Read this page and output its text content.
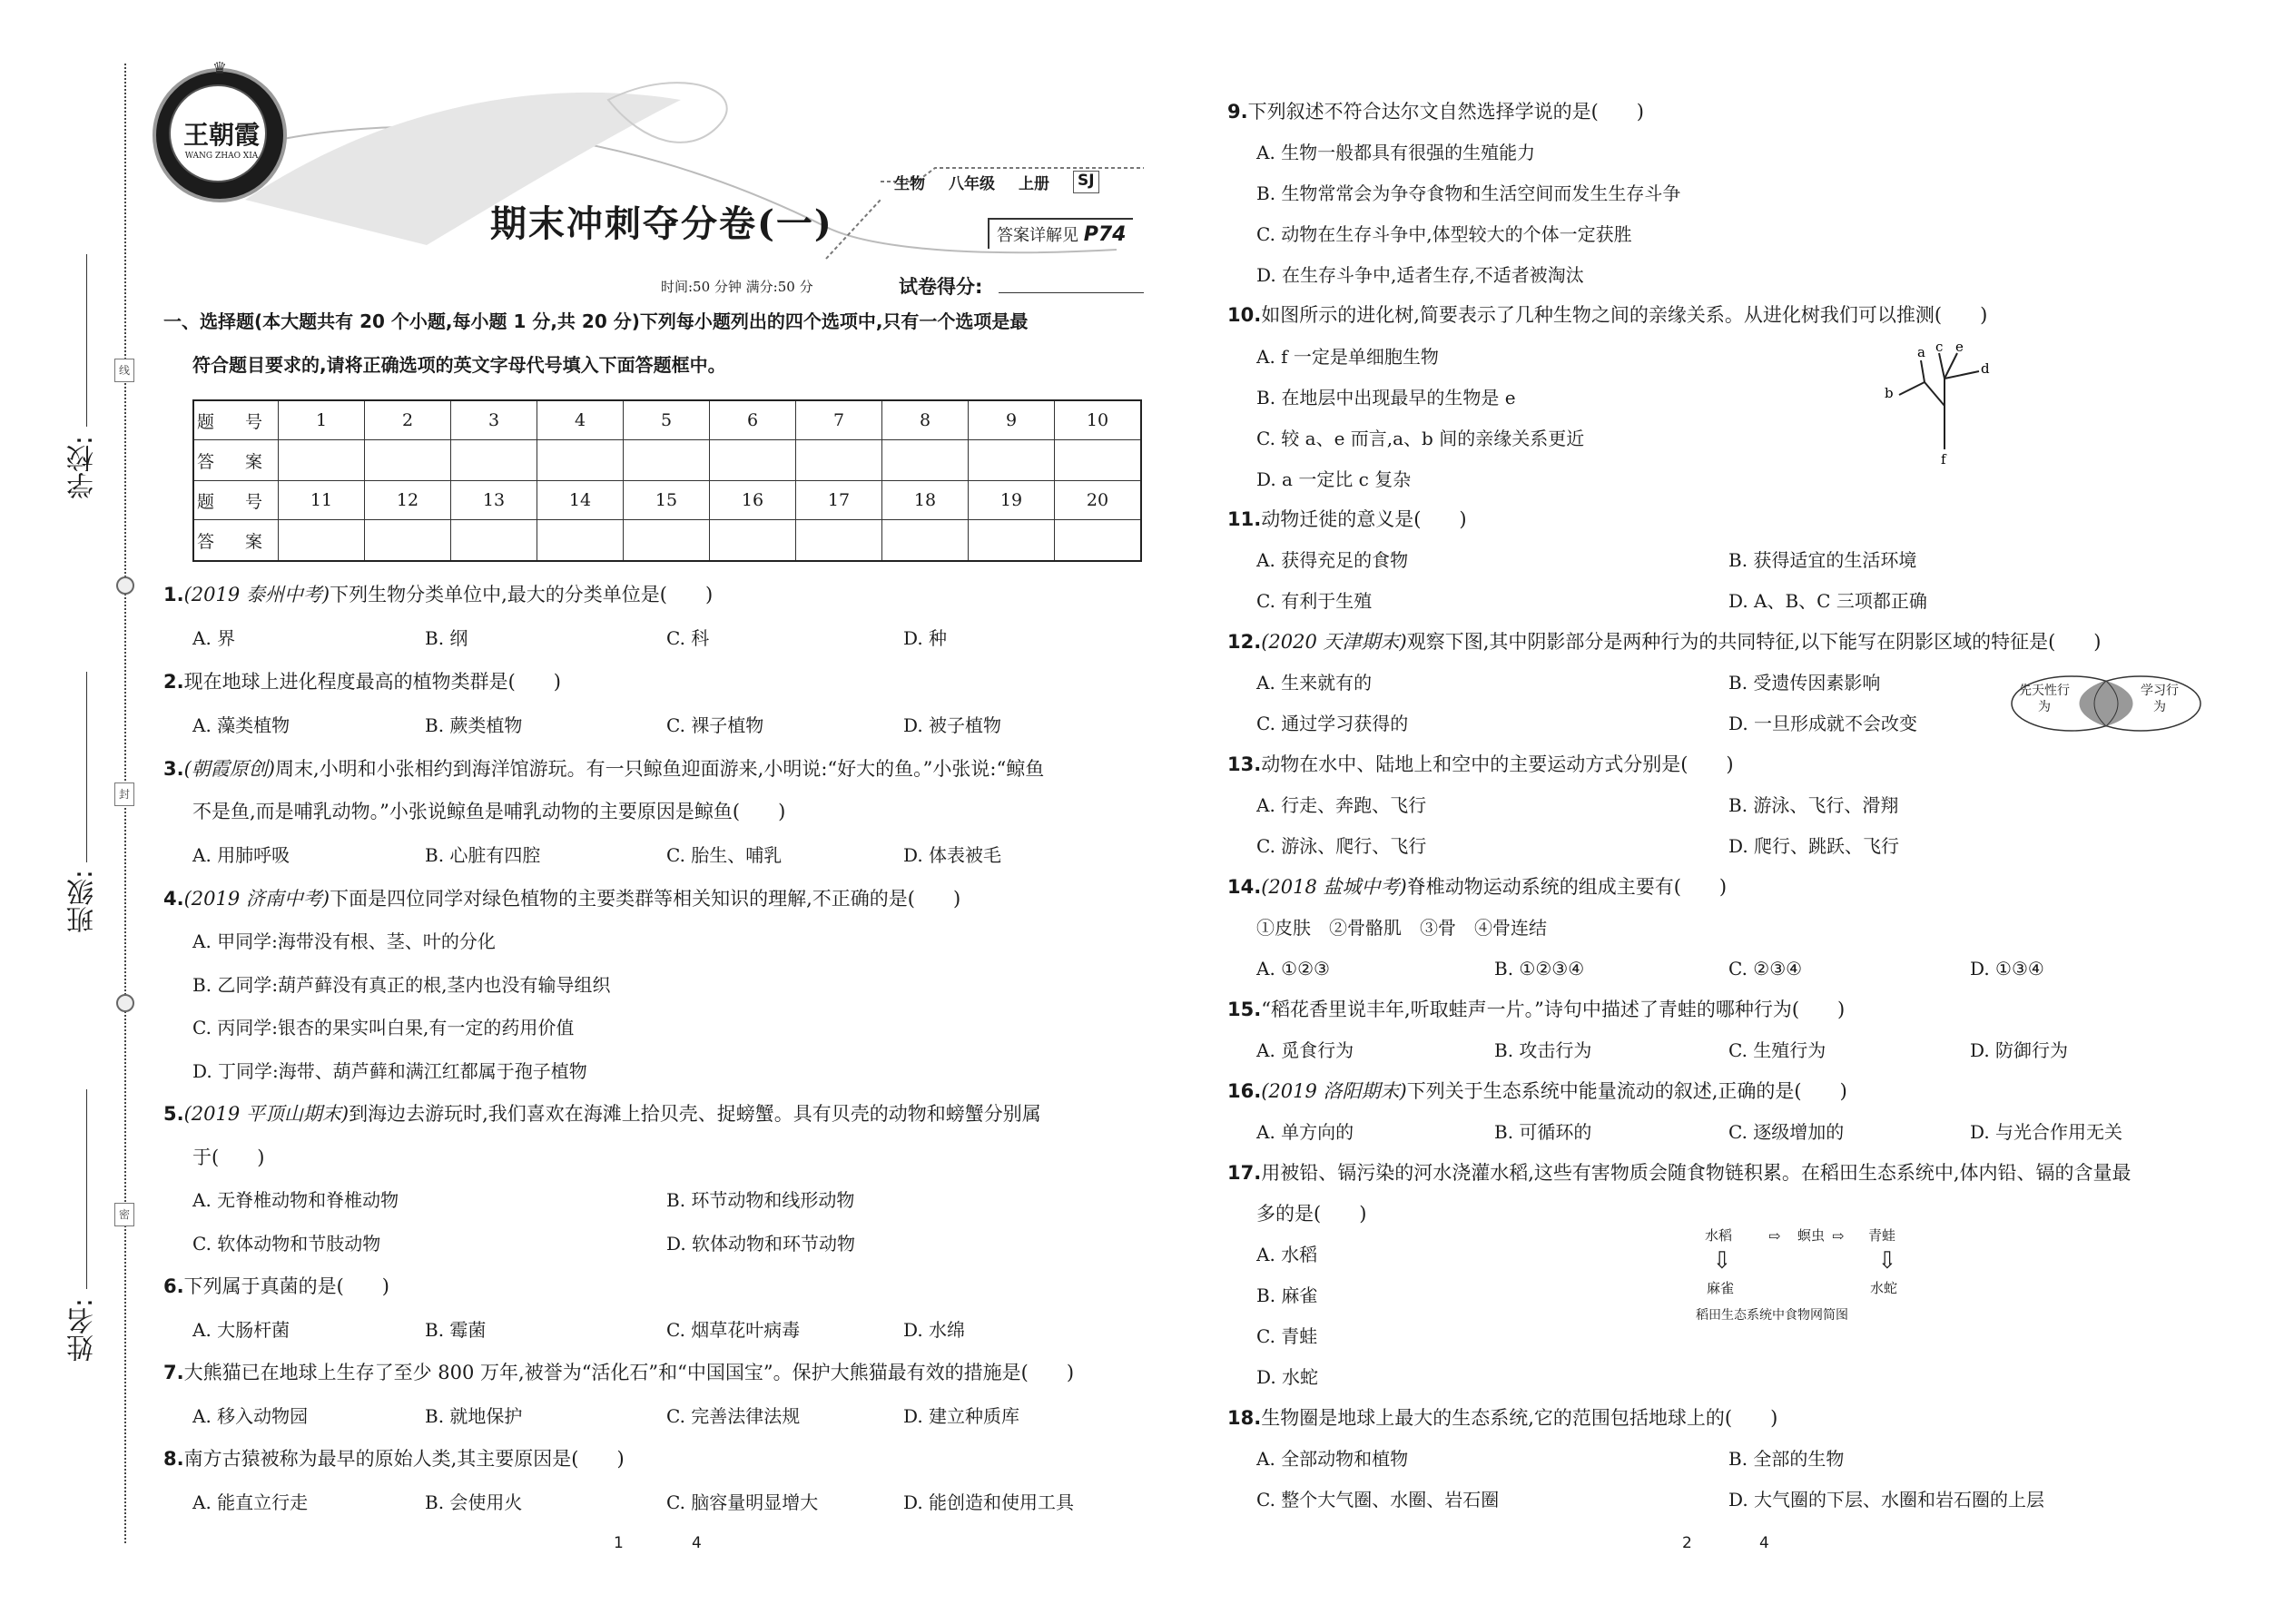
学校:
班级:
姓名:
线
封
密
王朝霞
WANG ZHAO XIA
♛
生物 八年级 上册 SJ
期末冲刺夺分卷(一)	答案详解见 P74
时间:50 分钟 满分:50 分	试卷得分:
一、选择题(本大题共有 20 个小题,每小题 1 分,共 20 分)下列每小题列出的四个选项中,只有一个选项是最
符合题目要求的,请将正确选项的英文字母代号填入下面答题框中。
题 号	1	2	3	4	5	6	7	8	9	10
答 案										
题 号	11	12	13	14	15	16	17	18	19	20
答 案										
1.(2019 泰州中考)下列生物分类单位中,最大的分类单位是(　　)
A. 界	B. 纲	C. 科	D. 种
2.现在地球上进化程度最高的植物类群是(　　)
A. 藻类植物	B. 蕨类植物	C. 裸子植物	D. 被子植物
3.(朝霞原创)周末,小明和小张相约到海洋馆游玩。有一只鲸鱼迎面游来,小明说:“好大的鱼。”小张说:“鲸鱼
不是鱼,而是哺乳动物。”小张说鲸鱼是哺乳动物的主要原因是鲸鱼(　　)
A. 用肺呼吸	B. 心脏有四腔	C. 胎生、哺乳	D. 体表被毛
4.(2019 济南中考)下面是四位同学对绿色植物的主要类群等相关知识的理解,不正确的是(　　)
A. 甲同学:海带没有根、茎、叶的分化
B. 乙同学:葫芦藓没有真正的根,茎内也没有输导组织
C. 丙同学:银杏的果实叫白果,有一定的药用价值
D. 丁同学:海带、葫芦藓和满江红都属于孢子植物
5.(2019 平顶山期末)到海边去游玩时,我们喜欢在海滩上拾贝壳、捉螃蟹。具有贝壳的动物和螃蟹分别属
于(　　)
A. 无脊椎动物和脊椎动物	B. 环节动物和线形动物
C. 软体动物和节肢动物	D. 软体动物和环节动物
6.下列属于真菌的是(　　)
A. 大肠杆菌	B. 霉菌	C. 烟草花叶病毒	D. 水绵
7.大熊猫已在地球上生存了至少 800 万年,被誉为“活化石”和“中国国宝”。保护大熊猫最有效的措施是(　　)
A. 移入动物园	B. 就地保护	C. 完善法律法规	D. 建立种质库
8.南方古猿被称为最早的原始人类,其主要原因是(　　)
A. 能直立行走	B. 会使用火	C. 脑容量明显增大	D. 能创造和使用工具
9.下列叙述不符合达尔文自然选择学说的是(　　)
A. 生物一般都具有很强的生殖能力
B. 生物常常会为争夺食物和生活空间而发生生存斗争
C. 动物在生存斗争中,体型较大的个体一定获胜
D. 在生存斗争中,适者生存,不适者被淘汰
10.如图所示的进化树,简要表示了几种生物之间的亲缘关系。从进化树我们可以推测(　　)
A. f 一定是单细胞生物
B. 在地层中出现最早的生物是 e
C. 较 a、e 而言,a、b 间的亲缘关系更近
D. a 一定比 c 复杂
a
b
c e
d
f
11.动物迁徙的意义是(　　)
A. 获得充足的食物	B. 获得适宜的生活环境
C. 有利于生殖	D. A、B、C 三项都正确
12.(2020 天津期末)观察下图,其中阴影部分是两种行为的共同特征,以下能写在阴影区域的特征是(　　)
A. 生来就有的	B. 受遗传因素影响
C. 通过学习获得的	D. 一旦形成就不会改变
先天性行为
学习行为
13.动物在水中、陆地上和空中的主要运动方式分别是(　　)
A. 行走、奔跑、飞行	B. 游泳、飞行、滑翔
C. 游泳、爬行、飞行	D. 爬行、跳跃、飞行
14.(2018 盐城中考)脊椎动物运动系统的组成主要有(　　)
①皮肤　②骨骼肌　③骨　④骨连结
A. ①②③	B. ①②③④	C. ②③④	D. ①③④
15.“稻花香里说丰年,听取蛙声一片。”诗句中描述了青蛙的哪种行为(　　)
A. 觅食行为	B. 攻击行为	C. 生殖行为	D. 防御行为
16.(2019 洛阳期末)下列关于生态系统中能量流动的叙述,正确的是(　　)
A. 单方向的	B. 可循环的	C. 逐级增加的	D. 与光合作用无关
17.用被铅、镉污染的河水浇灌水稻,这些有害物质会随食物链积累。在稻田生态系统中,体内铅、镉的含量最
多的是(　　)
A. 水稻
B. 麻雀
C. 青蛙
D. 水蛇
水稻 ⇨ 螟虫 ⇨ 青蛙
⇩	⇩
麻雀	水蛇
稻田生态系统中食物网简图
18.生物圈是地球上最大的生态系统,它的范围包括地球上的(　　)
A. 全部动物和植物	B. 全部的生物
C. 整个大气圈、水圈、岩石圈	D. 大气圈的下层、水圈和岩石圈的上层
1	4	2	4
